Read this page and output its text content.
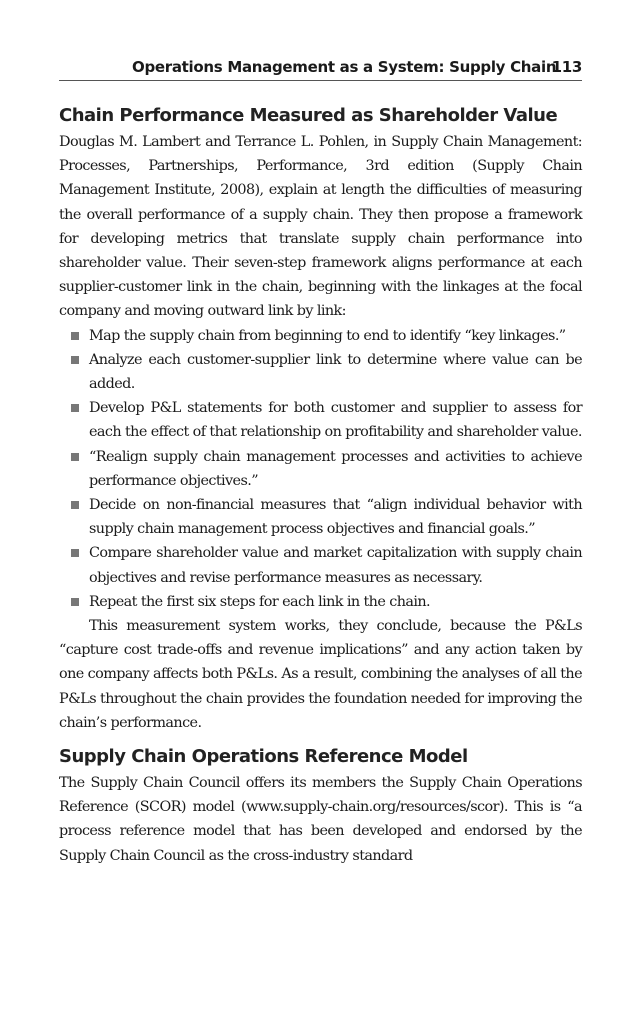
Operations Management as a System: Supply Chain
113
Chain Performance Measured as Shareholder Value

Douglas M. Lambert and Terrance L. Pohlen, in Supply Chain Management: Processes, Partnerships, Performance, 3rd edition (Supply Chain Management Institute, 2008), explain at length the difficulties of measuring the overall performance of a supply chain. They then propose a framework for developing metrics that translate supply chain performance into shareholder value. Their seven-step framework aligns performance at each supplier-customer link in the chain, beginning with the linkages at the focal company and moving outward link by link:

Map the supply chain from beginning to end to identify “key linkages.”

Analyze each customer-supplier link to determine where value can be added.

Develop P&L statements for both customer and supplier to assess for each the effect of that relationship on profitability and shareholder value.

“Realign supply chain management processes and activities to achieve performance objectives.”

Decide on non-financial measures that “align individual behavior with supply chain management process objectives and financial goals.”

Compare shareholder value and market capitalization with supply chain objectives and revise performance measures as necessary.

Repeat the first six steps for each link in the chain.

This measurement system works, they conclude, because the P&Ls “capture cost trade-offs and revenue implications” and any action taken by one company affects both P&Ls. As a result, combining the analyses of all the P&Ls throughout the chain provides the foundation needed for improving the chain’s performance.

Supply Chain Operations Reference Model

The Supply Chain Council offers its members the Supply Chain Operations Reference (SCOR) model (www.supply-chain.org/resources/scor). This is “a process reference model that has been developed and endorsed by the Supply Chain Council as the cross-industry standard
